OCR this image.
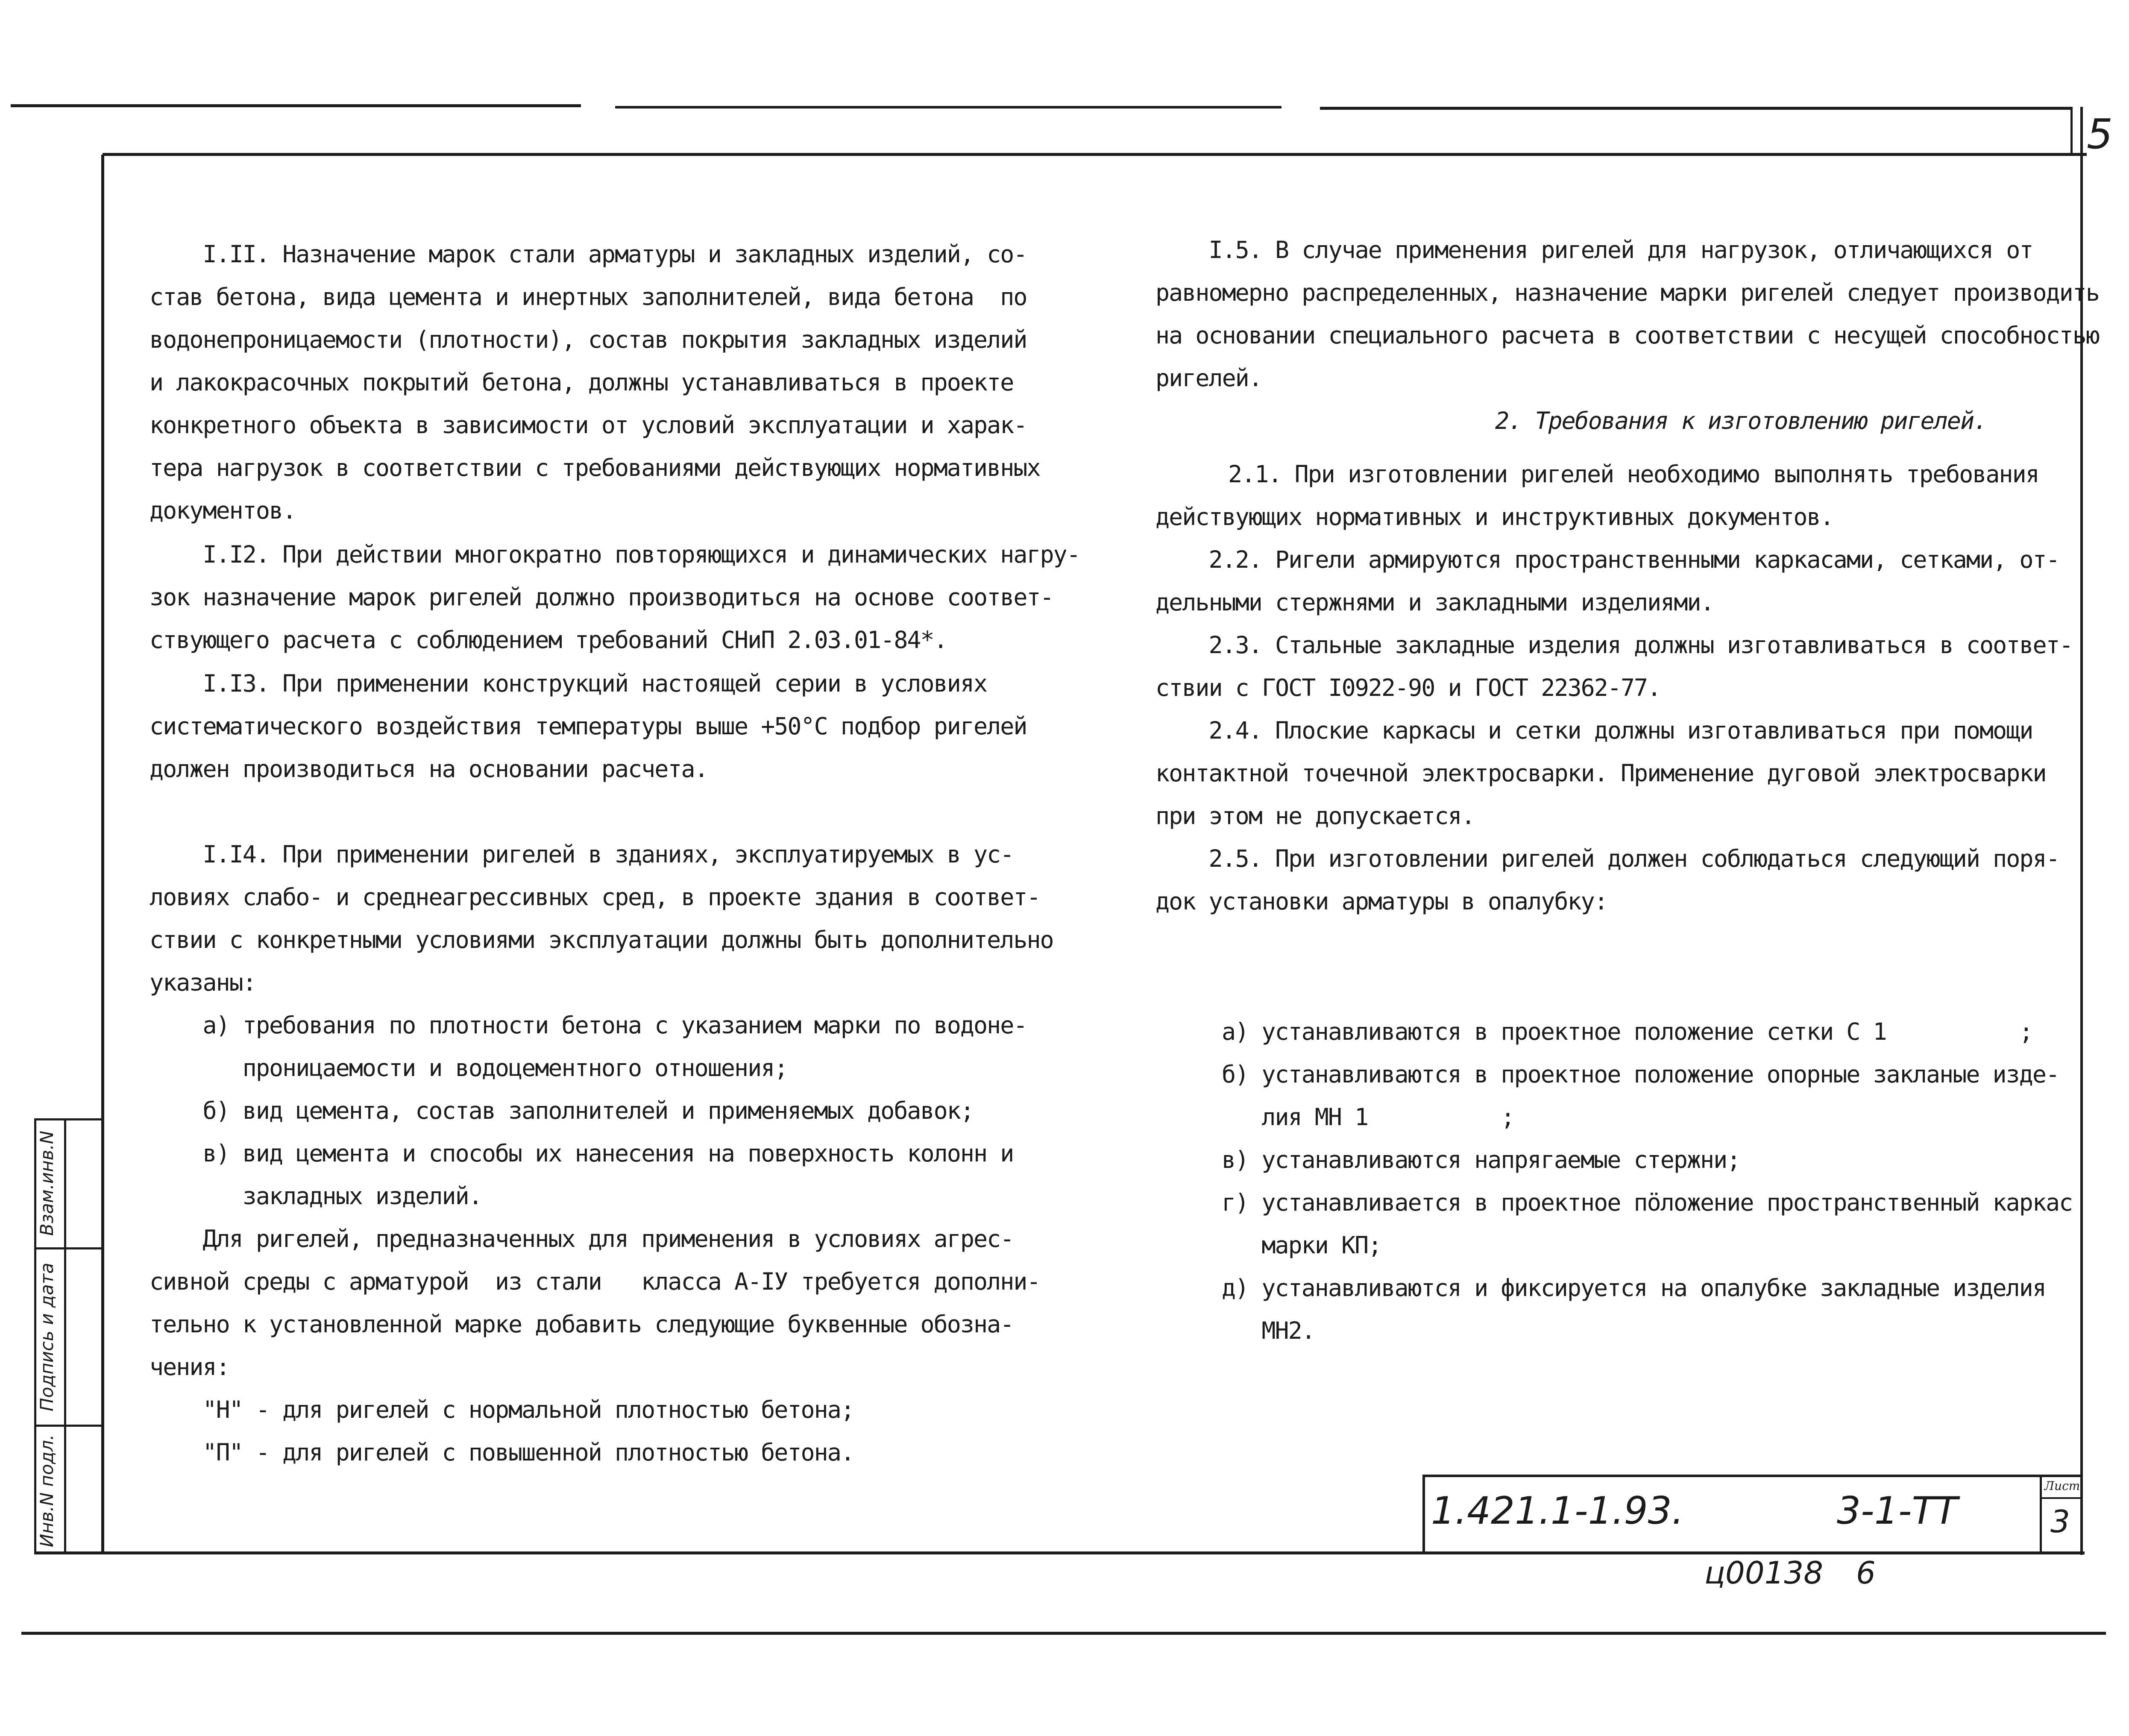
5
Инв.N подл.
Подпись и дата
Взам.инв.N
І.ІІ. Назначение марок стали арматуры и закладных изделий, со-
став бетона, вида цемента и инертных заполнителей, вида бетона  по
водонепроницаемости (плотности), состав покрытия закладных изделий
и лакокрасочных покрытий бетона, должны устанавливаться в проекте
конкретного объекта в зависимости от условий эксплуатации и харак-
тера нагрузок в соответствии с требованиями действующих нормативных
документов.
І.І2. При действии многократно повторяющихся и динамических нагру-
зок назначение марок ригелей должно производиться на основе соответ-
ствующего расчета с соблюдением требований СНиП 2.03.01-84*.
І.ІЗ. При применении конструкций настоящей серии в условиях
систематического воздействия температуры выше +50°С подбор ригелей
должен производиться на основании расчета.
І.І4. При применении ригелей в зданиях, эксплуатируемых в ус-
ловиях слабо- и среднеагрессивных сред, в проекте здания в соответ-
ствии с конкретными условиями эксплуатации должны быть дополнительно
указаны:
а) требования по плотности бетона с указанием марки по водоне-
проницаемости и водоцементного отношения;
б) вид цемента, состав заполнителей и применяемых добавок;
в) вид цемента и способы их нанесения на поверхность колонн и
закладных изделий.
Для ригелей, предназначенных для применения в условиях агрес-
сивной среды с арматурой  из стали   класса А-ІУ требуется дополни-
тельно к установленной марке добавить следующие буквенные обозна-
чения:
"Н" - для ригелей с нормальной плотностью бетона;
"П" - для ригелей с повышенной плотностью бетона.
І.5. В случае применения ригелей для нагрузок, отличающихся от
равномерно распределенных, назначение марки ригелей следует производить
на основании специального расчета в соответствии с несущей способностью
ригелей.
2. Требования к изготовлению ригелей.
2.1. При изготовлении ригелей необходимо выполнять требования
действующих нормативных и инструктивных документов.
2.2. Ригели армируются пространственными каркасами, сетками, от-
дельными стержнями и закладными изделиями.
2.3. Стальные закладные изделия должны изготавливаться в соответ-
ствии с ГОСТ І0922-90 и ГОСТ 22362-77.
2.4. Плоские каркасы и сетки должны изготавливаться при помощи
контактной точечной электросварки. Применение дуговой электросварки
при этом не допускается.
2.5. При изготовлении ригелей должен соблюдаться следующий поря-
док установки арматуры в опалубку:
а) устанавливаются в проектное положение сетки С 1          ;
б) устанавливаются в проектное положение опорные закланые изде-
лия МН 1          ;
в) устанавливаются напрягаемые стержни;
г) устанавливается в проектное пöложение пространственный каркас
марки КП;
д) устанавливаются и фиксируется на опалубке закладные изделия
МН2.
1.421.1-1.93.	3-1-ТТ
Лист
3
ц00138 6
